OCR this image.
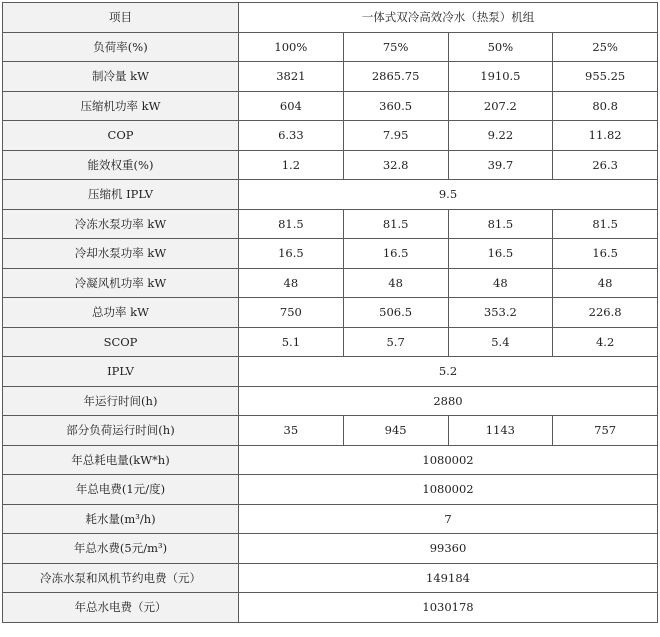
项目	一体式双冷高效冷水（热泵）机组			
负荷率(%)	100%	75%	50%	25%
制冷量 kW	3821	2865.75	1910.5	955.25
压缩机功率 kW	604	360.5	207.2	80.8
COP	6.33	7.95	9.22	11.82
能效权重(%)	1.2	32.8	39.7	26.3
压缩机 IPLV	9.5			
冷冻水泵功率 kW	81.5	81.5	81.5	81.5
冷却水泵功率 kW	16.5	16.5	16.5	16.5
冷凝风机功率 kW	48	48	48	48
总功率 kW	750	506.5	353.2	226.8
SCOP	5.1	5.7	5.4	4.2
IPLV	5.2			
年运行时间(h)	2880			
部分负荷运行时间(h)	35	945	1143	757
年总耗电量(kW*h)	1080002			
年总电费(1元/度)	1080002			
耗水量(m³/h)	7			
年总水费(5元/m³)	99360			
冷冻水泵和风机节约电费（元）	149184			
年总水电费（元）	1030178			
